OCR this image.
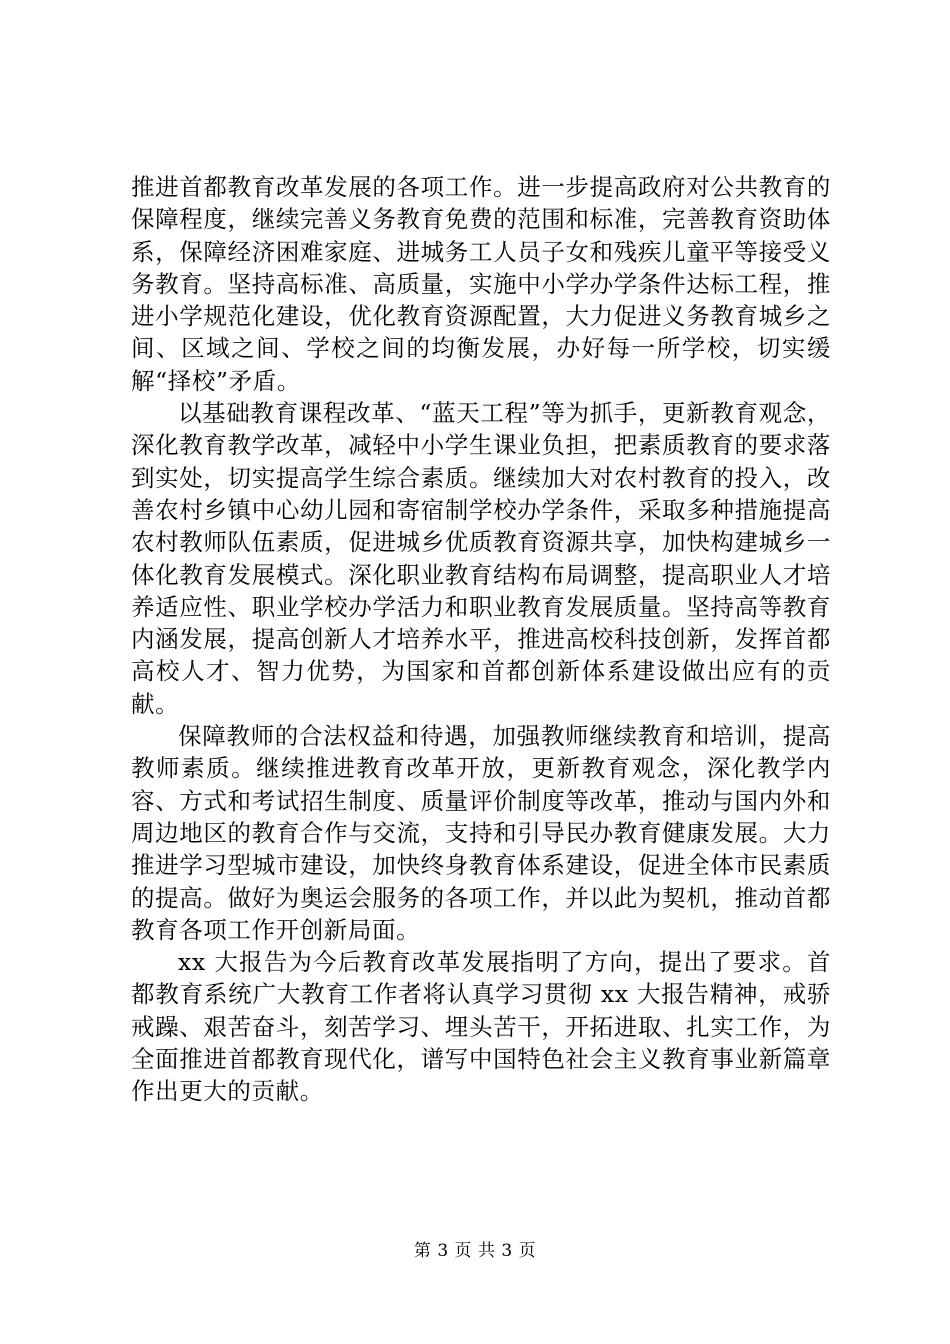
推进首都教育改革发展的各项工作。进一步提高政府对公共教育的保障程度，继续完善义务教育免费的范围和标准，完善教育资助体系，保障经济困难家庭、进城务工人员子女和残疾儿童平等接受义务教育。坚持高标准、高质量，实施中小学办学条件达标工程，推进小学规范化建设，优化教育资源配置，大力促进义务教育城乡之间、区域之间、学校之间的均衡发展，办好每一所学校，切实缓解“择校”矛盾。

以基础教育课程改革、“蓝天工程”等为抓手，更新教育观念，深化教育教学改革，减轻中小学生课业负担，把素质教育的要求落到实处，切实提高学生综合素质。继续加大对农村教育的投入，改善农村乡镇中心幼儿园和寄宿制学校办学条件，采取多种措施提高农村教师队伍素质，促进城乡优质教育资源共享，加快构建城乡一体化教育发展模式。深化职业教育结构布局调整，提高职业人才培养适应性、职业学校办学活力和职业教育发展质量。坚持高等教育内涵发展，提高创新人才培养水平，推进高校科技创新，发挥首都高校人才、智力优势，为国家和首都创新体系建设做出应有的贡献。

保障教师的合法权益和待遇，加强教师继续教育和培训，提高教师素质。继续推进教育改革开放，更新教育观念，深化教学内容、方式和考试招生制度、质量评价制度等改革，推动与国内外和周边地区的教育合作与交流，支持和引导民办教育健康发展。大力推进学习型城市建设，加快终身教育体系建设，促进全体市民素质的提高。做好为奥运会服务的各项工作，并以此为契机，推动首都教育各项工作开创新局面。

xx 大报告为今后教育改革发展指明了方向，提出了要求。首都教育系统广大教育工作者将认真学习贯彻 xx 大报告精神，戒骄戒躁、艰苦奋斗，刻苦学习、埋头苦干，开拓进取、扎实工作，为全面推进首都教育现代化，谱写中国特色社会主义教育事业新篇章作出更大的贡献。

第 3 页 共 3 页
